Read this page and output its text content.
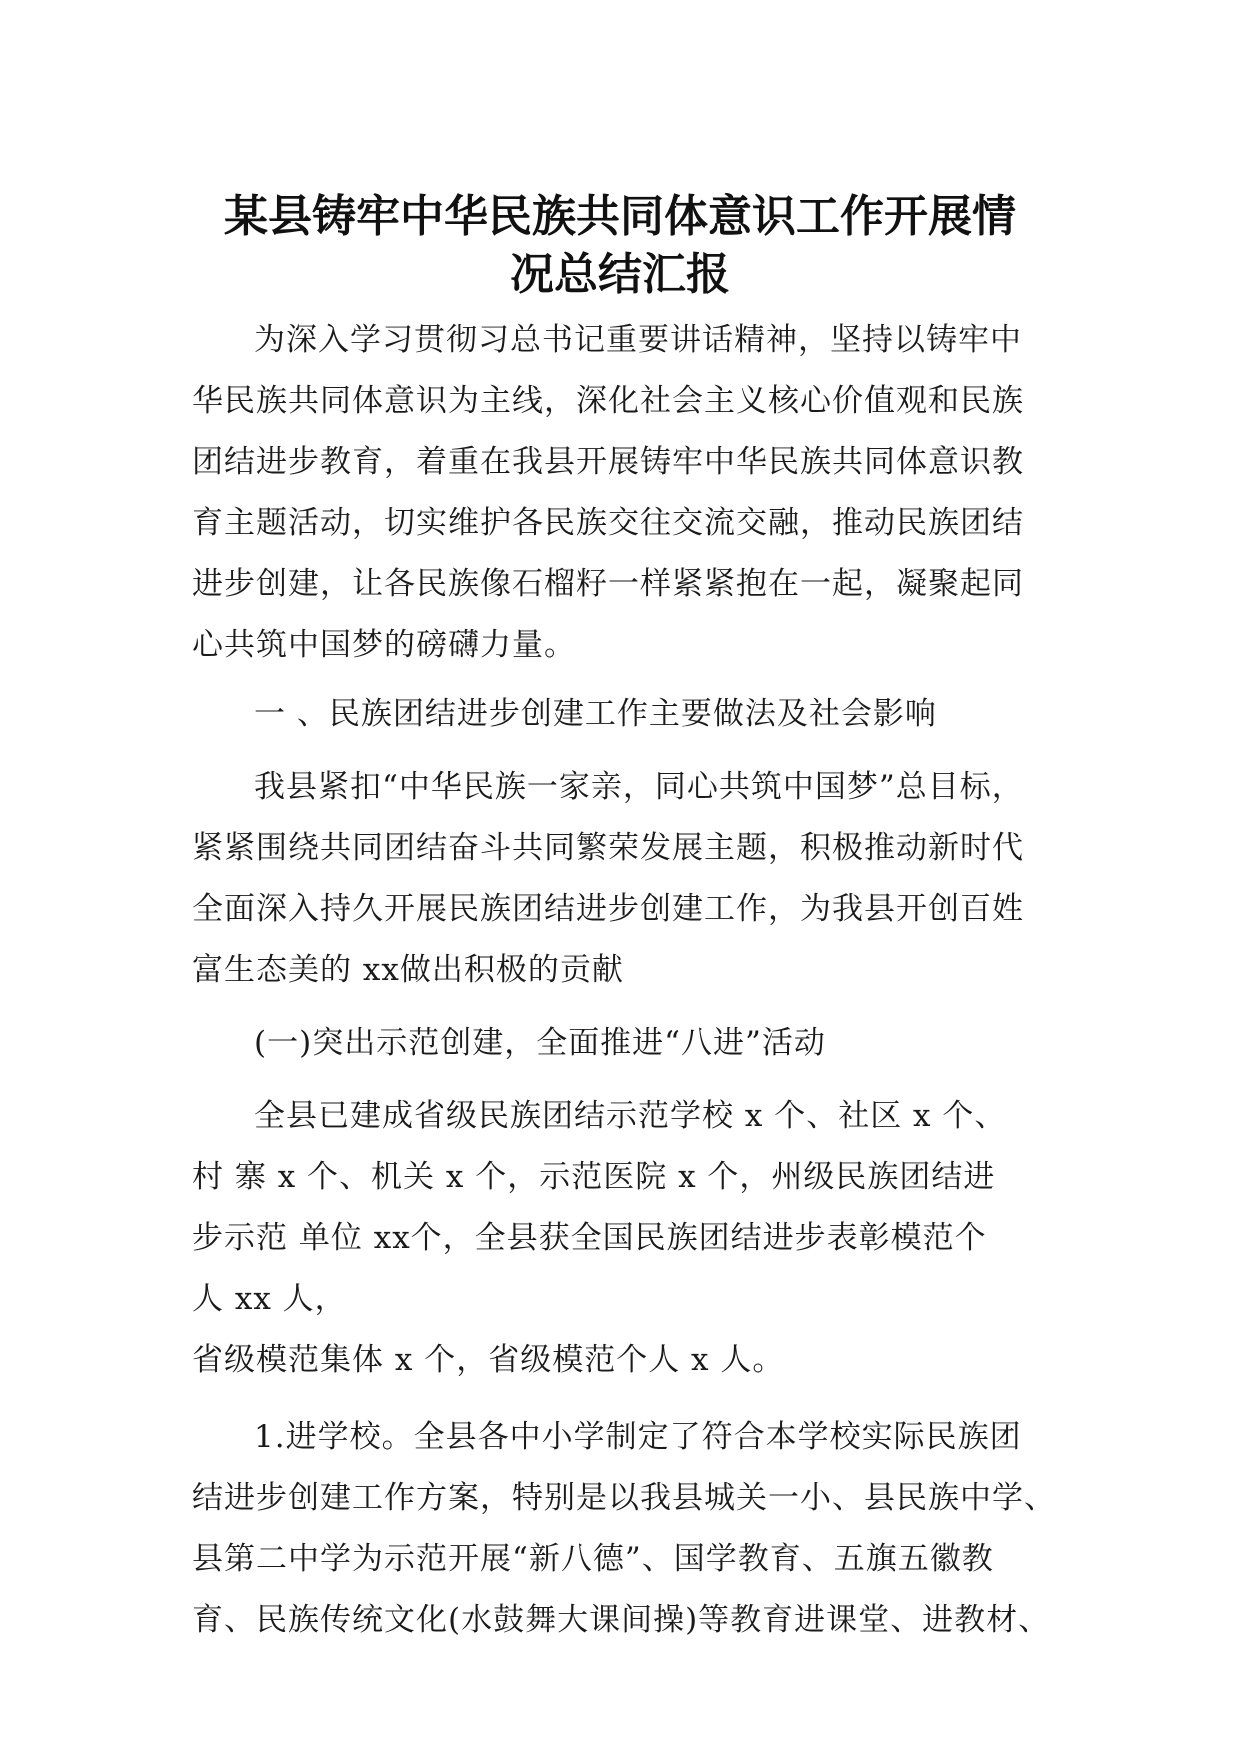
某县铸牢中华民族共同体意识工作开展情
况总结汇报
为深入学习贯彻习总书记重要讲话精神，坚持以铸牢中
华民族共同体意识为主线，深化社会主义核心价值观和民族
团结进步教育，着重在我县开展铸牢中华民族共同体意识教
育主题活动，切实维护各民族交往交流交融，推动民族团结
进步创建，让各民族像石榴籽一样紧紧抱在一起，凝聚起同
心共筑中国梦的磅礴力量。
一 、民族团结进步创建工作主要做法及社会影响
我县紧扣“中华民族一家亲，同心共筑中国梦”总目标，
紧紧围绕共同团结奋斗共同繁荣发展主题，积极推动新时代
全面深入持久开展民族团结进步创建工作，为我县开创百姓
富生态美的 xx做出积极的贡献
(一)突出示范创建，全面推进“八进”活动
全县已建成省级民族团结示范学校 x 个、社区 x 个、
村 寨 x 个、机关 x 个，示范医院 x 个，州级民族团结进
步示范 单位 xx个，全县获全国民族团结进步表彰模范个
人 xx 人，
省级模范集体 x 个，省级模范个人 x 人。
1.进学校。全县各中小学制定了符合本学校实际民族团
结进步创建工作方案，特别是以我县城关一小、县民族中学、
县第二中学为示范开展“新八德”、国学教育、五旗五徽教
育、民族传统文化(水鼓舞大课间操)等教育进课堂、进教材、
